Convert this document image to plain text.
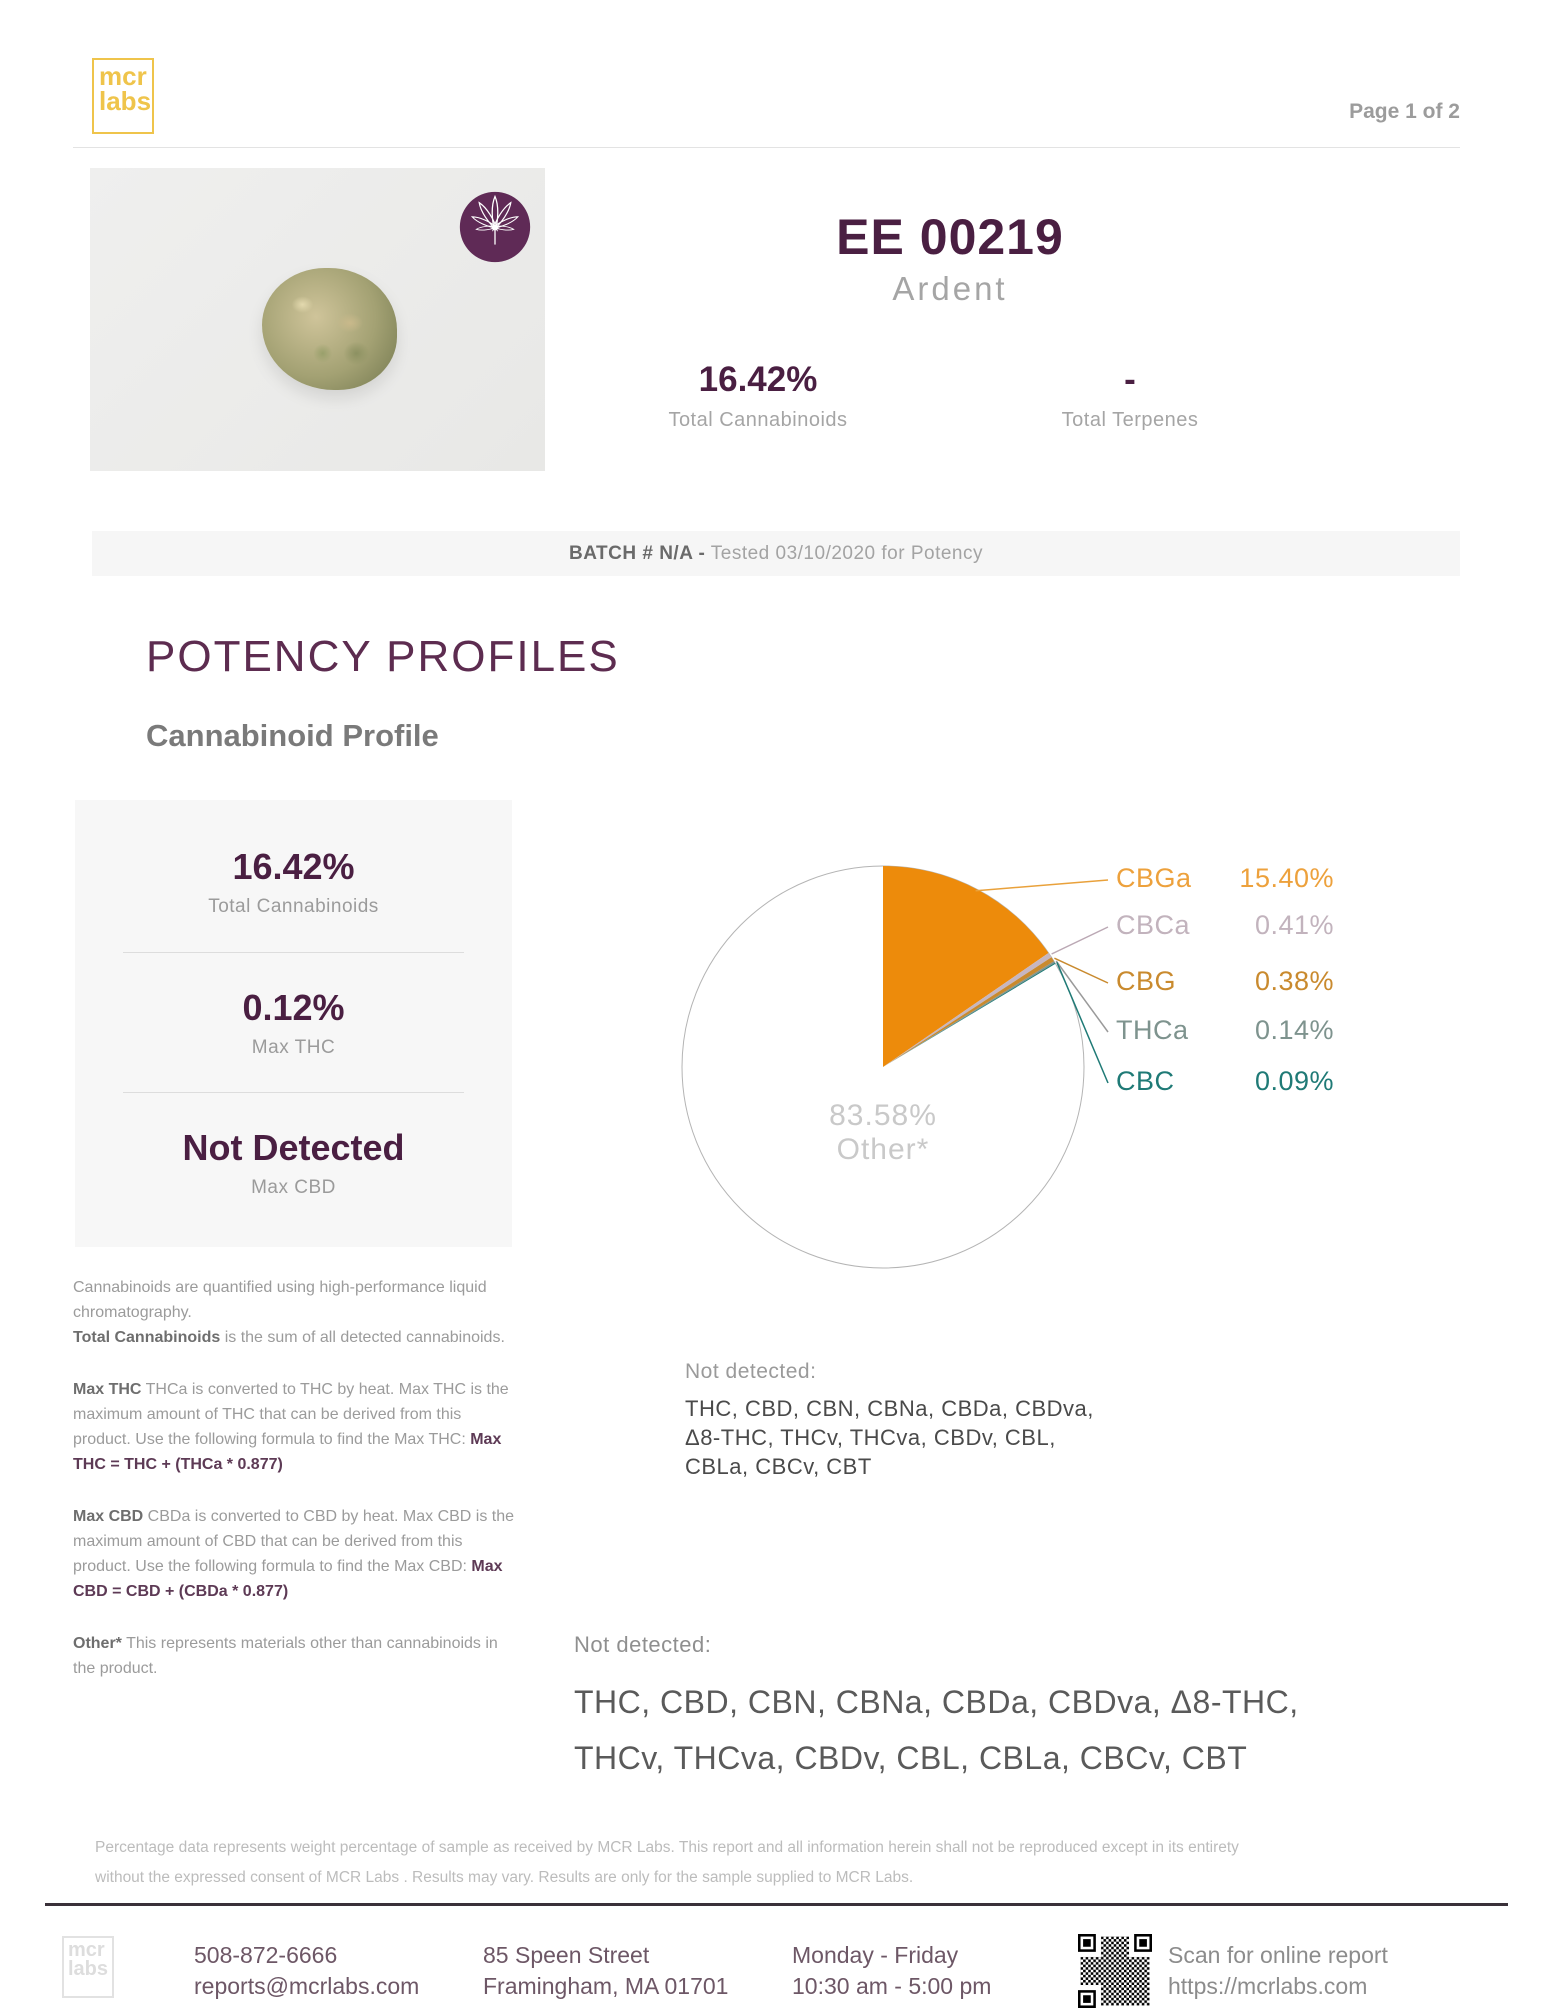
mcr
labs	Page 1 of 2
EE 00219
Ardent
16.42%
Total Cannabinoids
-
Total Terpenes
BATCH # N/A - Tested 03/10/2020 for Potency
POTENCY PROFILES
Cannabinoid Profile
16.42%
Total Cannabinoids
0.12%
Max THC
Not Detected
Max CBD
CBGa 15.40%
CBCa 0.41%
CBG	0.38%
THCa 0.14%
CBC	0.09%
83.58%
Other*
Not detected:
THC, CBD, CBN, CBNa, CBDa, CBDva,
Δ8-THC, THCv, THCva, CBDv, CBL,
CBLa, CBCv, CBT

Cannabinoids are quantified using high-performance liquid chromatography.
Total Cannabinoids is the sum of all detected cannabinoids.

Max THC THCa is converted to THC by heat. Max THC is the maximum amount of THC that can be derived from this product. Use the following formula to find the Max THC: Max THC = THC + (THCa * 0.877)

Max CBD CBDa is converted to CBD by heat. Max CBD is the maximum amount of CBD that can be derived from this product. Use the following formula to find the Max CBD: Max CBD = CBD + (CBDa * 0.877)

Other* This represents materials other than cannabinoids in the product.

Not detected:
THC, CBD, CBN, CBNa, CBDa, CBDva, Δ8-THC,
THCv, THCva, CBDv, CBL, CBLa, CBCv, CBT
Percentage data represents weight percentage of sample as received by MCR Labs. This report and all information herein shall not be reproduced except in its entirety
without the expressed consent of MCR Labs . Results may vary. Results are only for the sample supplied to MCR Labs.
mcr
labs
508-872-6666
reports@mcrlabs.com
85 Speen Street
Framingham, MA 01701
Monday - Friday
10:30 am - 5:00 pm
Scan for online report
https://mcrlabs.com
